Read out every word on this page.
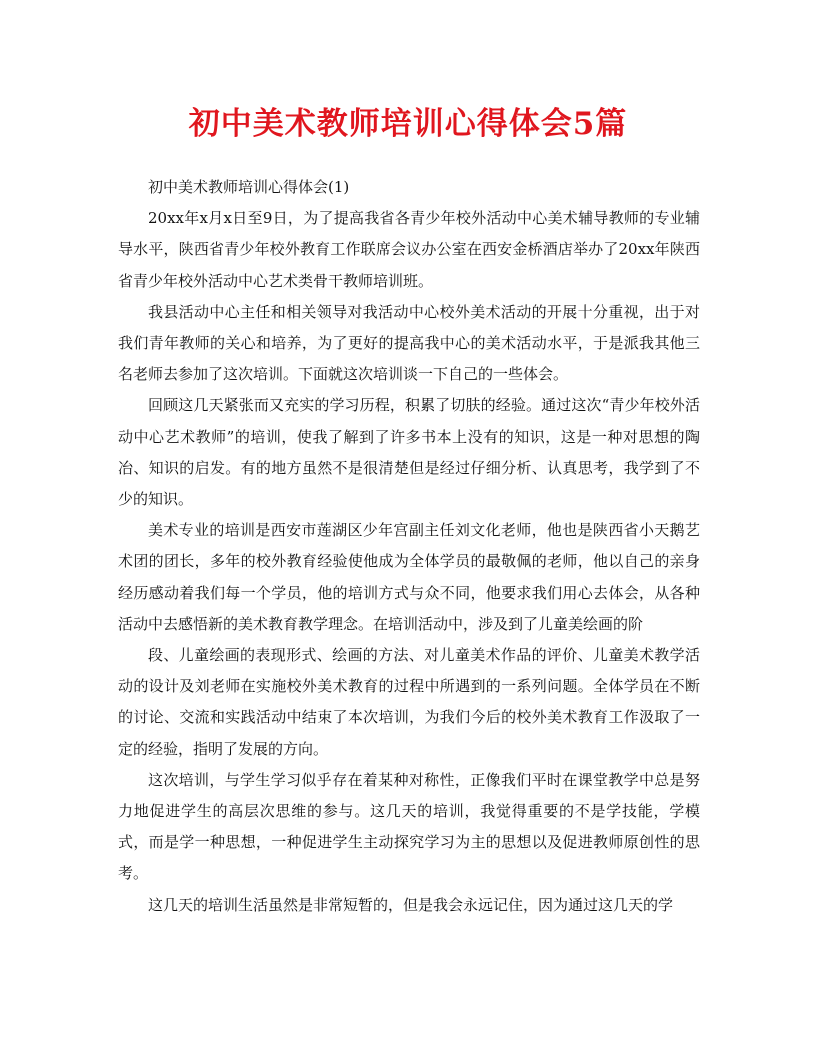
初中美术教师培训心得体会5篇

初中美术教师培训心得体会(1)

20xx年x月x日至9日，为了提高我省各青少年校外活动中心美术辅导教师的专业辅导水平，陕西省青少年校外教育工作联席会议办公室在西安金桥酒店举办了20xx年陕西省青少年校外活动中心艺术类骨干教师培训班。

我县活动中心主任和相关领导对我活动中心校外美术活动的开展十分重视，出于对我们青年教师的关心和培养，为了更好的提高我中心的美术活动水平，于是派我其他三名老师去参加了这次培训。下面就这次培训谈一下自己的一些体会。

回顾这几天紧张而又充实的学习历程，积累了切肤的经验。通过这次“青少年校外活动中心艺术教师”的培训，使我了解到了许多书本上没有的知识，这是一种对思想的陶冶、知识的启发。有的地方虽然不是很清楚但是经过仔细分析、认真思考，我学到了不少的知识。

美术专业的培训是西安市莲湖区少年宫副主任刘文化老师，他也是陕西省小天鹅艺术团的团长，多年的校外教育经验使他成为全体学员的最敬佩的老师，他以自己的亲身经历感动着我们每一个学员，他的培训方式与众不同，他要求我们用心去体会，从各种活动中去感悟新的美术教育教学理念。在培训活动中，涉及到了儿童美绘画的阶

段、儿童绘画的表现形式、绘画的方法、对儿童美术作品的评价、儿童美术教学活动的设计及刘老师在实施校外美术教育的过程中所遇到的一系列问题。全体学员在不断的讨论、交流和实践活动中结束了本次培训，为我们今后的校外美术教育工作汲取了一定的经验，指明了发展的方向。

这次培训，与学生学习似乎存在着某种对称性，正像我们平时在课堂教学中总是努力地促进学生的高层次思维的参与。这几天的培训，我觉得重要的不是学技能，学模式，而是学一种思想，一种促进学生主动探究学习为主的思想以及促进教师原创性的思考。

这几天的培训生活虽然是非常短暂的，但是我会永远记住，因为通过这几天的学
